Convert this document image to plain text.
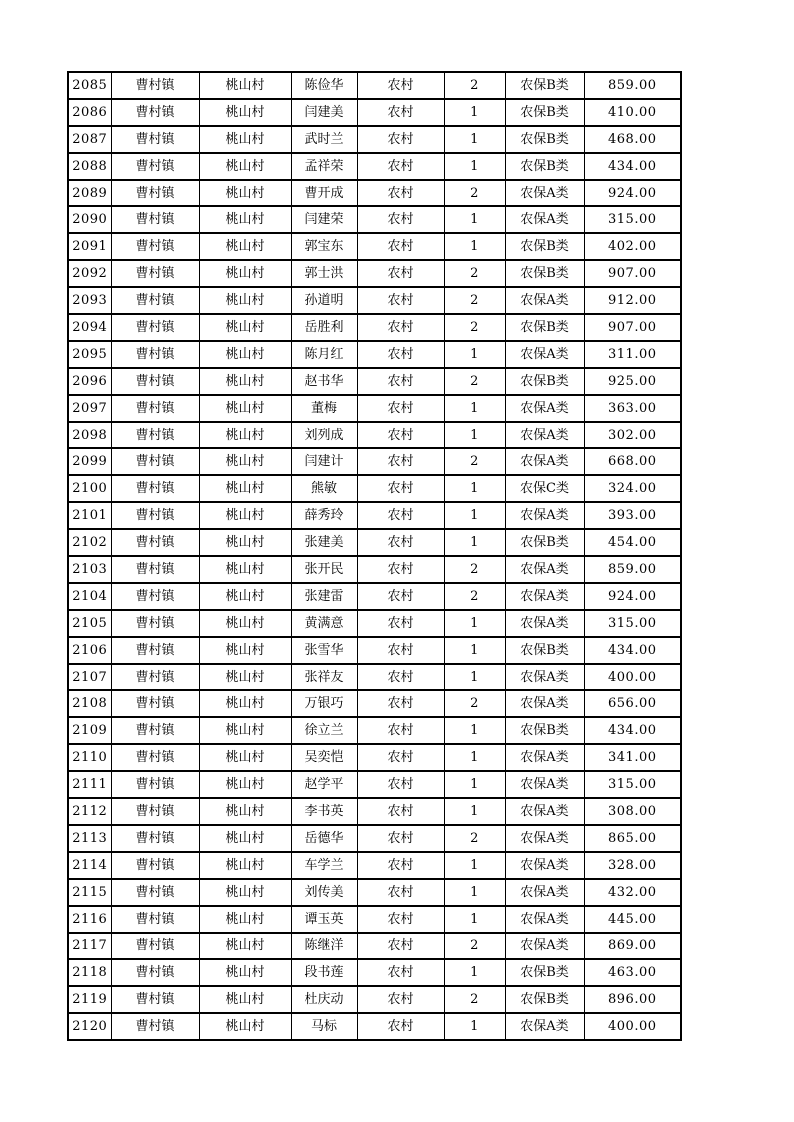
2085	曹村镇	桃山村	陈俭华	农村	2	农保B类	859.00
2086	曹村镇	桃山村	闫建美	农村	1	农保B类	410.00
2087	曹村镇	桃山村	武时兰	农村	1	农保B类	468.00
2088	曹村镇	桃山村	孟祥荣	农村	1	农保B类	434.00
2089	曹村镇	桃山村	曹开成	农村	2	农保A类	924.00
2090	曹村镇	桃山村	闫建荣	农村	1	农保A类	315.00
2091	曹村镇	桃山村	郭宝东	农村	1	农保B类	402.00
2092	曹村镇	桃山村	郭士洪	农村	2	农保B类	907.00
2093	曹村镇	桃山村	孙道明	农村	2	农保A类	912.00
2094	曹村镇	桃山村	岳胜利	农村	2	农保B类	907.00
2095	曹村镇	桃山村	陈月红	农村	1	农保A类	311.00
2096	曹村镇	桃山村	赵书华	农村	2	农保B类	925.00
2097	曹村镇	桃山村	董梅	农村	1	农保A类	363.00
2098	曹村镇	桃山村	刘列成	农村	1	农保A类	302.00
2099	曹村镇	桃山村	闫建计	农村	2	农保A类	668.00
2100	曹村镇	桃山村	熊敏	农村	1	农保C类	324.00
2101	曹村镇	桃山村	薛秀玲	农村	1	农保A类	393.00
2102	曹村镇	桃山村	张建美	农村	1	农保B类	454.00
2103	曹村镇	桃山村	张开民	农村	2	农保A类	859.00
2104	曹村镇	桃山村	张建雷	农村	2	农保A类	924.00
2105	曹村镇	桃山村	黄满意	农村	1	农保A类	315.00
2106	曹村镇	桃山村	张雪华	农村	1	农保B类	434.00
2107	曹村镇	桃山村	张祥友	农村	1	农保A类	400.00
2108	曹村镇	桃山村	万银巧	农村	2	农保A类	656.00
2109	曹村镇	桃山村	徐立兰	农村	1	农保B类	434.00
2110	曹村镇	桃山村	吴奕恺	农村	1	农保A类	341.00
2111	曹村镇	桃山村	赵学平	农村	1	农保A类	315.00
2112	曹村镇	桃山村	李书英	农村	1	农保A类	308.00
2113	曹村镇	桃山村	岳德华	农村	2	农保A类	865.00
2114	曹村镇	桃山村	车学兰	农村	1	农保A类	328.00
2115	曹村镇	桃山村	刘传美	农村	1	农保A类	432.00
2116	曹村镇	桃山村	谭玉英	农村	1	农保A类	445.00
2117	曹村镇	桃山村	陈继洋	农村	2	农保A类	869.00
2118	曹村镇	桃山村	段书莲	农村	1	农保B类	463.00
2119	曹村镇	桃山村	杜庆动	农村	2	农保B类	896.00
2120	曹村镇	桃山村	马标	农村	1	农保A类	400.00
